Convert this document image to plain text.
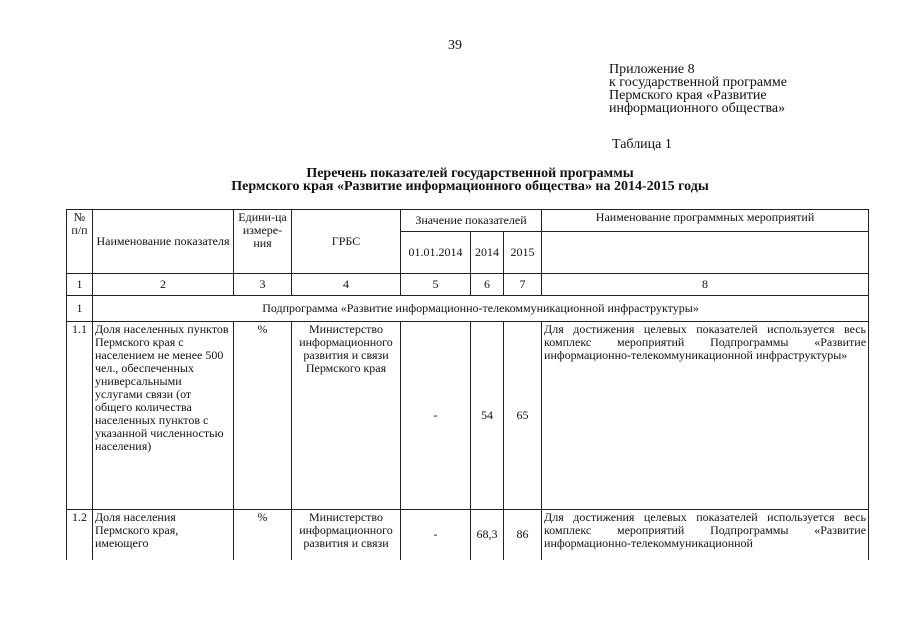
39
Приложение 8
к государственной программе
Пермского края «Развитие
информационного общества»
Таблица 1
Перечень показателей государственной программы
Пермского края «Развитие информационного общества» на 2014-2015 годы
№ п/п	Наименование показателя	Едини-ца измере-ния	ГРБС	Значение показателей			Наименование программных мероприятий
				01.01.2014	2014	2015	
1	2	3	4	5	6	7	8
1	Подпрограмма «Развитие информационно-телекоммуникационной инфраструктуры»						
1.1	Доля населенных пунктов Пермского края с населением не менее 500 чел., обеспеченных универсальными услугами связи (от общего количества населенных пунктов с указанной численностью населения)	%	Министерство информационного развития и связи Пермского края	-	54	65	Для достижения целевых показателей используется весь комплекс мероприятий Подпрограммы «Развитие информационно-телекоммуникационной инфраструктуры»
1.2	Доля населения Пермского края, имеющего	%	Министерство информационного развития и связи	-	68,3	86	Для достижения целевых показателей используется весь комплекс мероприятий Подпрограммы «Развитие информационно-телекоммуникационной
